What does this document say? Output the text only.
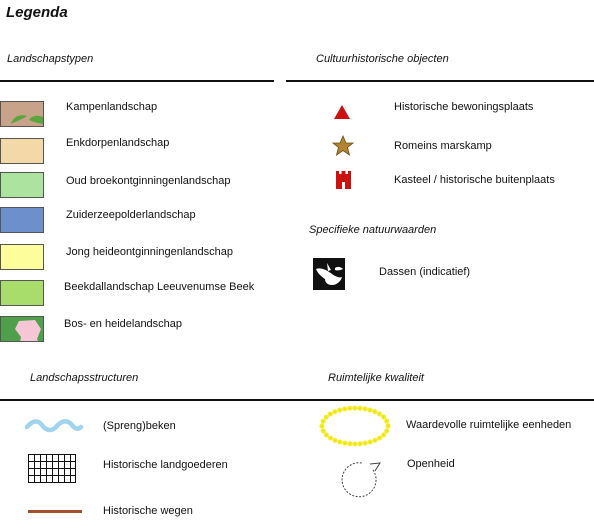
Legenda
Landschapstypen
Kampenlandschap
Enkdorpenlandschap
Oud broekontginningenlandschap
Zuiderzeepolderlandschap
Jong heideontginningenlandschap
Beekdallandschap Leeuvenumse Beek
Bos- en heidelandschap
Cultuurhistorische objecten
Historische bewoningsplaats
Romeins marskamp
Kasteel / historische buitenplaats
Specifieke natuurwaarden
Dassen (indicatief)
Landschapsstructuren	Ruimtelijke kwaliteit
(Spreng)beken
Historische landgoederen
Historische wegen
Waardevolle ruimtelijke eenheden
Openheid
